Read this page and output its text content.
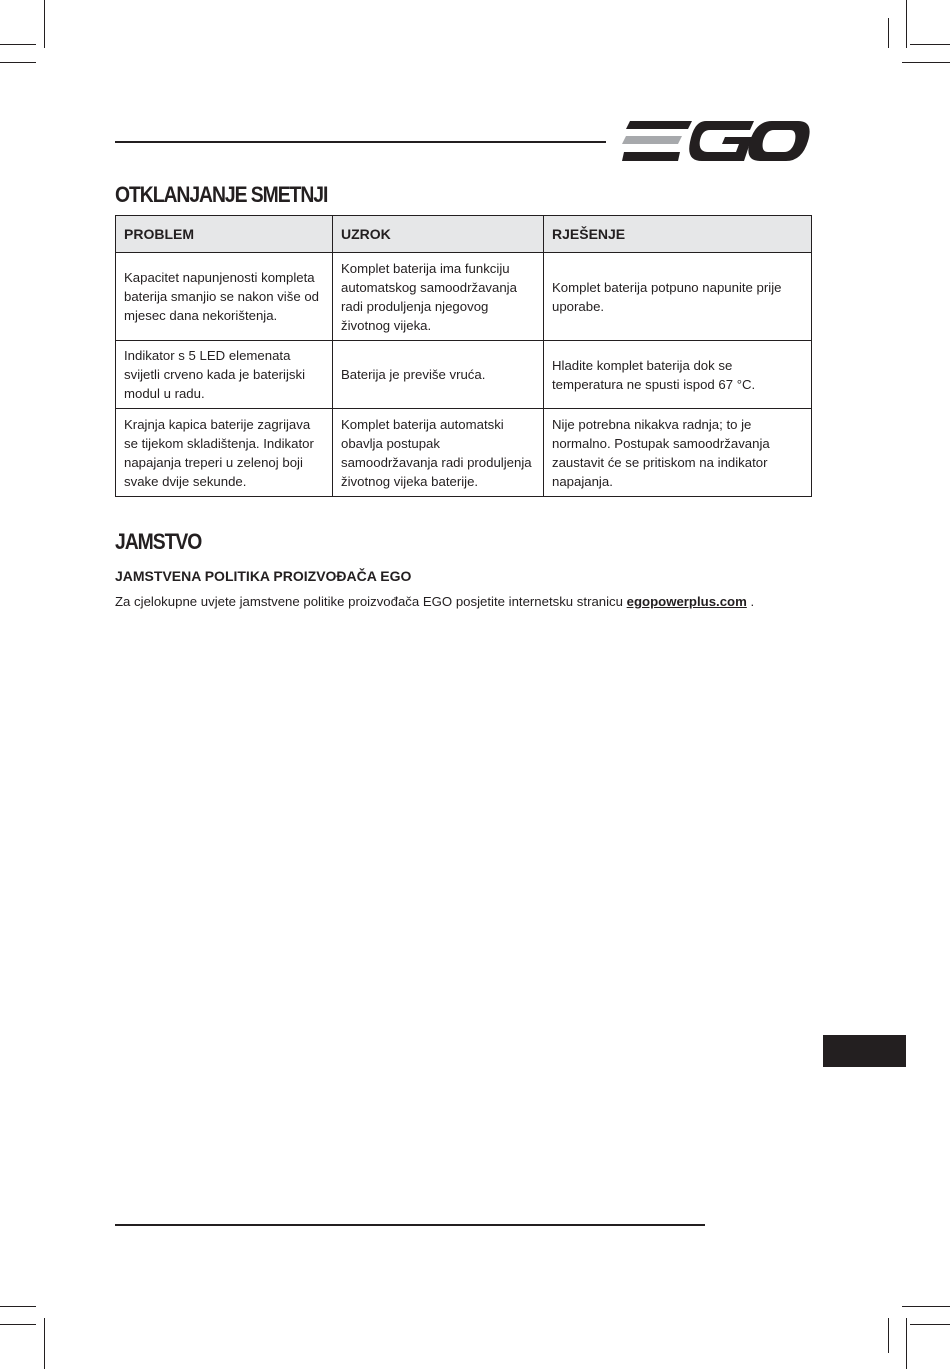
OTKLANJANJE SMETNJI
PROBLEM	UZROK	RJEŠENJE
Kapacitet napunjenosti kompleta baterija smanjio se nakon više od mjesec dana nekorištenja.	Komplet baterija ima funkciju automatskog samoodržavanja radi produljenja njegovog životnog vijeka.	Komplet baterija potpuno napunite prije uporabe.
Indikator s 5 LED elemenata svijetli crveno kada je baterijski modul u radu.	Baterija je previše vruća.	Hladite komplet baterija dok se temperatura ne spusti ispod 67 °C.
Krajnja kapica baterije zagrijava se tijekom skladištenja. Indikator napajanja treperi u zelenoj boji svake dvije sekunde.	Komplet baterija automatski obavlja postupak samoodržavanja radi produljenja životnog vijeka baterije.	Nije potrebna nikakva radnja; to je normalno. Postupak samoodržavanja zaustavit će se pritiskom na indikator napajanja.
JAMSTVO
JAMSTVENA POLITIKA PROIZVOĐAČA EGO

Za cjelokupne uvjete jamstvene politike proizvođača EGO posjetite internetsku stranicu egopowerplus.com .
